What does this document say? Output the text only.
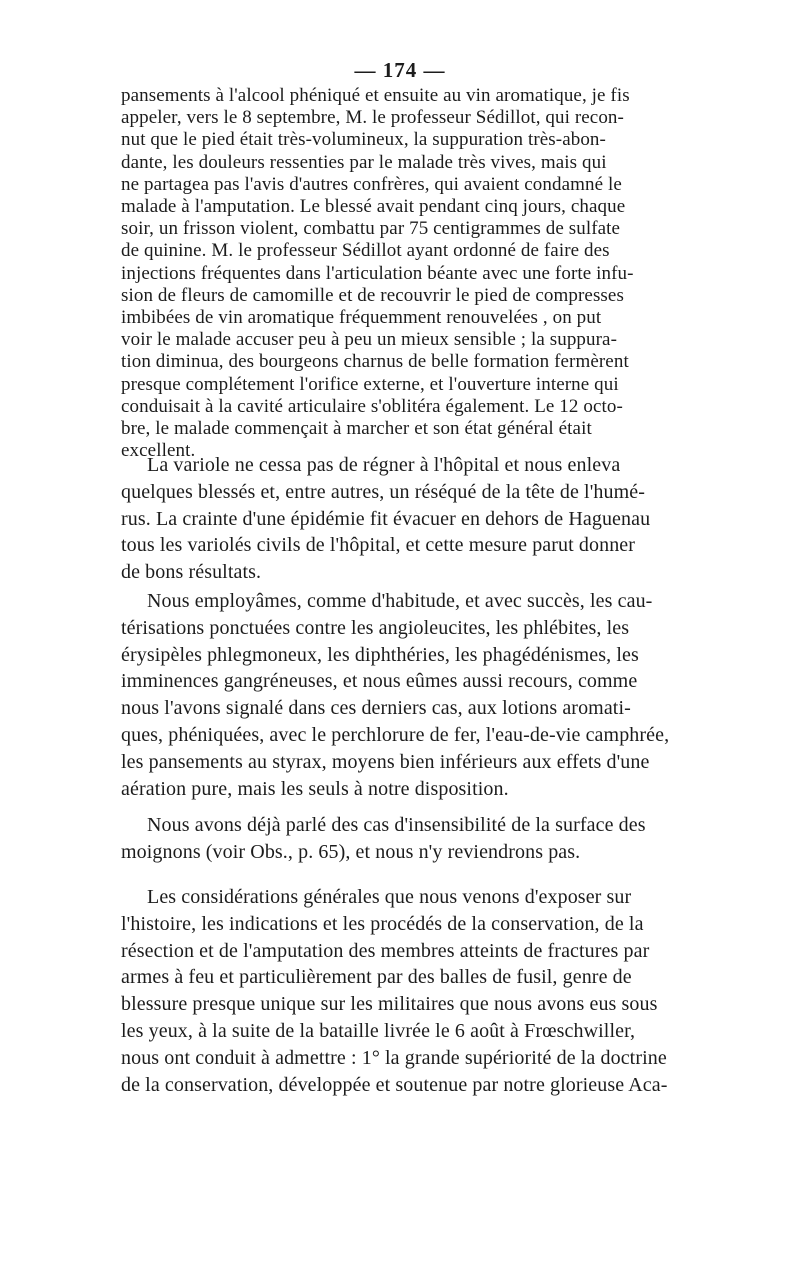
— 174 —

pansements à l'alcool phéniqué et ensuite au vin aromatique, je fis
appeler, vers le 8 septembre, M. le professeur Sédillot, qui recon-
nut que le pied était très-volumineux, la suppuration très-abon-
dante, les douleurs ressenties par le malade très vives, mais qui
ne partagea pas l'avis d'autres confrères, qui avaient condamné le
malade à l'amputation. Le blessé avait pendant cinq jours, chaque
soir, un frisson violent, combattu par 75 centigrammes de sulfate
de quinine. M. le professeur Sédillot ayant ordonné de faire des
injections fréquentes dans l'articulation béante avec une forte infu-
sion de fleurs de camomille et de recouvrir le pied de compresses
imbibées de vin aromatique fréquemment renouvelées , on put
voir le malade accuser peu à peu un mieux sensible ; la suppura-
tion diminua, des bourgeons charnus de belle formation fermèrent
presque complétement l'orifice externe, et l'ouverture interne qui
conduisait à la cavité articulaire s'oblitéra également. Le 12 octo-
bre, le malade commençait à marcher et son état général était
excellent.

La variole ne cessa pas de régner à l'hôpital et nous enleva
quelques blessés et, entre autres, un réséqué de la tête de l'humé-
rus. La crainte d'une épidémie fit évacuer en dehors de Haguenau
tous les variolés civils de l'hôpital, et cette mesure parut donner
de bons résultats.

Nous employâmes, comme d'habitude, et avec succès, les cau-
térisations ponctuées contre les angioleucites, les phlébites, les
érysipèles phlegmoneux, les diphthéries, les phagédénismes, les
imminences gangréneuses, et nous eûmes aussi recours, comme
nous l'avons signalé dans ces derniers cas, aux lotions aromati-
ques, phéniquées, avec le perchlorure de fer, l'eau-de-vie camphrée,
les pansements au styrax, moyens bien inférieurs aux effets d'une
aération pure, mais les seuls à notre disposition.

Nous avons déjà parlé des cas d'insensibilité de la surface des
moignons (voir Obs., p. 65), et nous n'y reviendrons pas.

Les considérations générales que nous venons d'exposer sur
l'histoire, les indications et les procédés de la conservation, de la
résection et de l'amputation des membres atteints de fractures par
armes à feu et particulièrement par des balles de fusil, genre de
blessure presque unique sur les militaires que nous avons eus sous
les yeux, à la suite de la bataille livrée le 6 août à Frœschwiller,
nous ont conduit à admettre : 1° la grande supériorité de la doctrine
de la conservation, développée et soutenue par notre glorieuse Aca-
